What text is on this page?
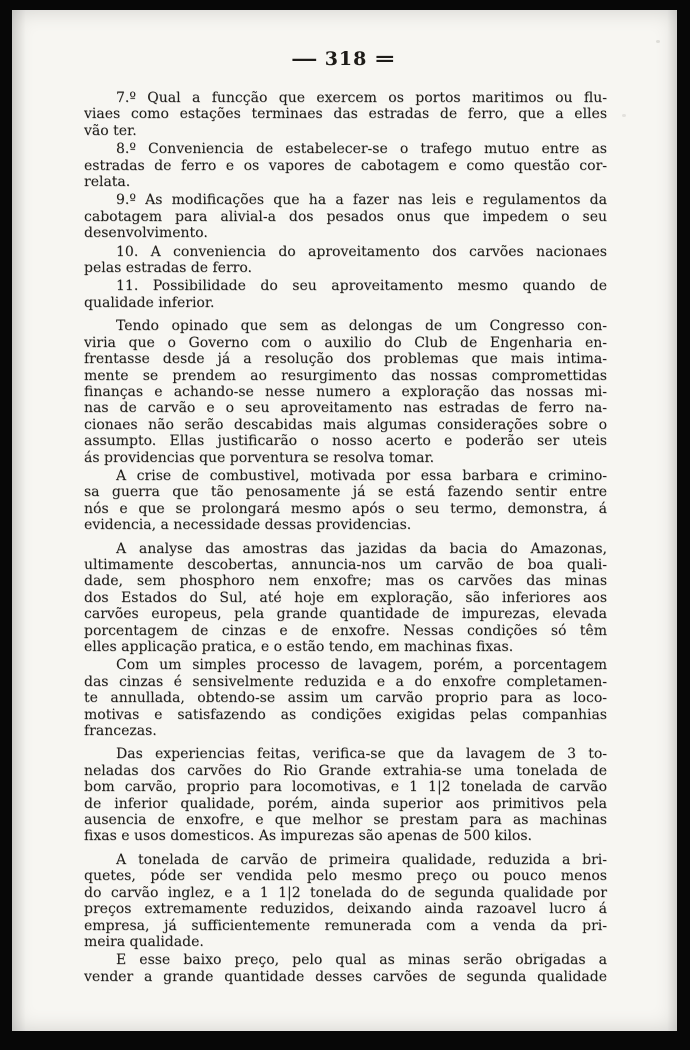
— 318 =
7.º Qual a funcção que exercem os portos maritimos ou flu-
viaes como estações terminaes das estradas de ferro, que a elles
vão ter.
8.º Conveniencia de estabelecer-se o trafego mutuo entre as
estradas de ferro e os vapores de cabotagem e como questão cor-
relata.
9.º As modificações que ha a fazer nas leis e regulamentos da
cabotagem para alivial-a dos pesados onus que impedem o seu
desenvolvimento.
10. A conveniencia do aproveitamento dos carvões nacionaes
pelas estradas de ferro.
11. Possibilidade do seu aproveitamento mesmo quando de
qualidade inferior.
Tendo opinado que sem as delongas de um Congresso con-
viria que o Governo com o auxilio do Club de Engenharia en-
frentasse desde já a resolução dos problemas que mais intima-
mente se prendem ao resurgimento das nossas compromettidas
finanças e achando-se nesse numero a exploração das nossas mi-
nas de carvão e o seu aproveitamento nas estradas de ferro na-
cionaes não serão descabidas mais algumas considerações sobre o
assumpto. Ellas justificarão o nosso acerto e poderão ser uteis
ás providencias que porventura se resolva tomar.
A crise de combustivel, motivada por essa barbara e crimino-
sa guerra que tão penosamente já se está fazendo sentir entre
nós e que se prolongará mesmo após o seu termo, demonstra, á
evidencia, a necessidade dessas providencias.
A analyse das amostras das jazidas da bacia do Amazonas,
ultimamente descobertas, annuncia-nos um carvão de boa quali-
dade, sem phosphoro nem enxofre; mas os carvões das minas
dos Estados do Sul, até hoje em exploração, são inferiores aos
carvões europeus, pela grande quantidade de impurezas, elevada
porcentagem de cinzas e de enxofre. Nessas condições só têm
elles applicação pratica, e o estão tendo, em machinas fixas.
Com um simples processo de lavagem, porém, a porcentagem
das cinzas é sensivelmente reduzida e a do enxofre completamen-
te annullada, obtendo-se assim um carvão proprio para as loco-
motivas e satisfazendo as condições exigidas pelas companhias
francezas.
Das experiencias feitas, verifica-se que da lavagem de 3 to-
neladas dos carvões do Rio Grande extrahia-se uma tonelada de
bom carvão, proprio para locomotivas, e 1 1|2 tonelada de carvão
de inferior qualidade, porém, ainda superior aos primitivos pela
ausencia de enxofre, e que melhor se prestam para as machinas
fixas e usos domesticos. As impurezas são apenas de 500 kilos.
A tonelada de carvão de primeira qualidade, reduzida a bri-
quetes, póde ser vendida pelo mesmo preço ou pouco menos
do carvão inglez, e a 1 1|2 tonelada do de segunda qualidade por
preços extremamente reduzidos, deixando ainda razoavel lucro á
empresa, já sufficientemente remunerada com a venda da pri-
meira qualidade.
E esse baixo preço, pelo qual as minas serão obrigadas a
vender a grande quantidade desses carvões de segunda qualidade
